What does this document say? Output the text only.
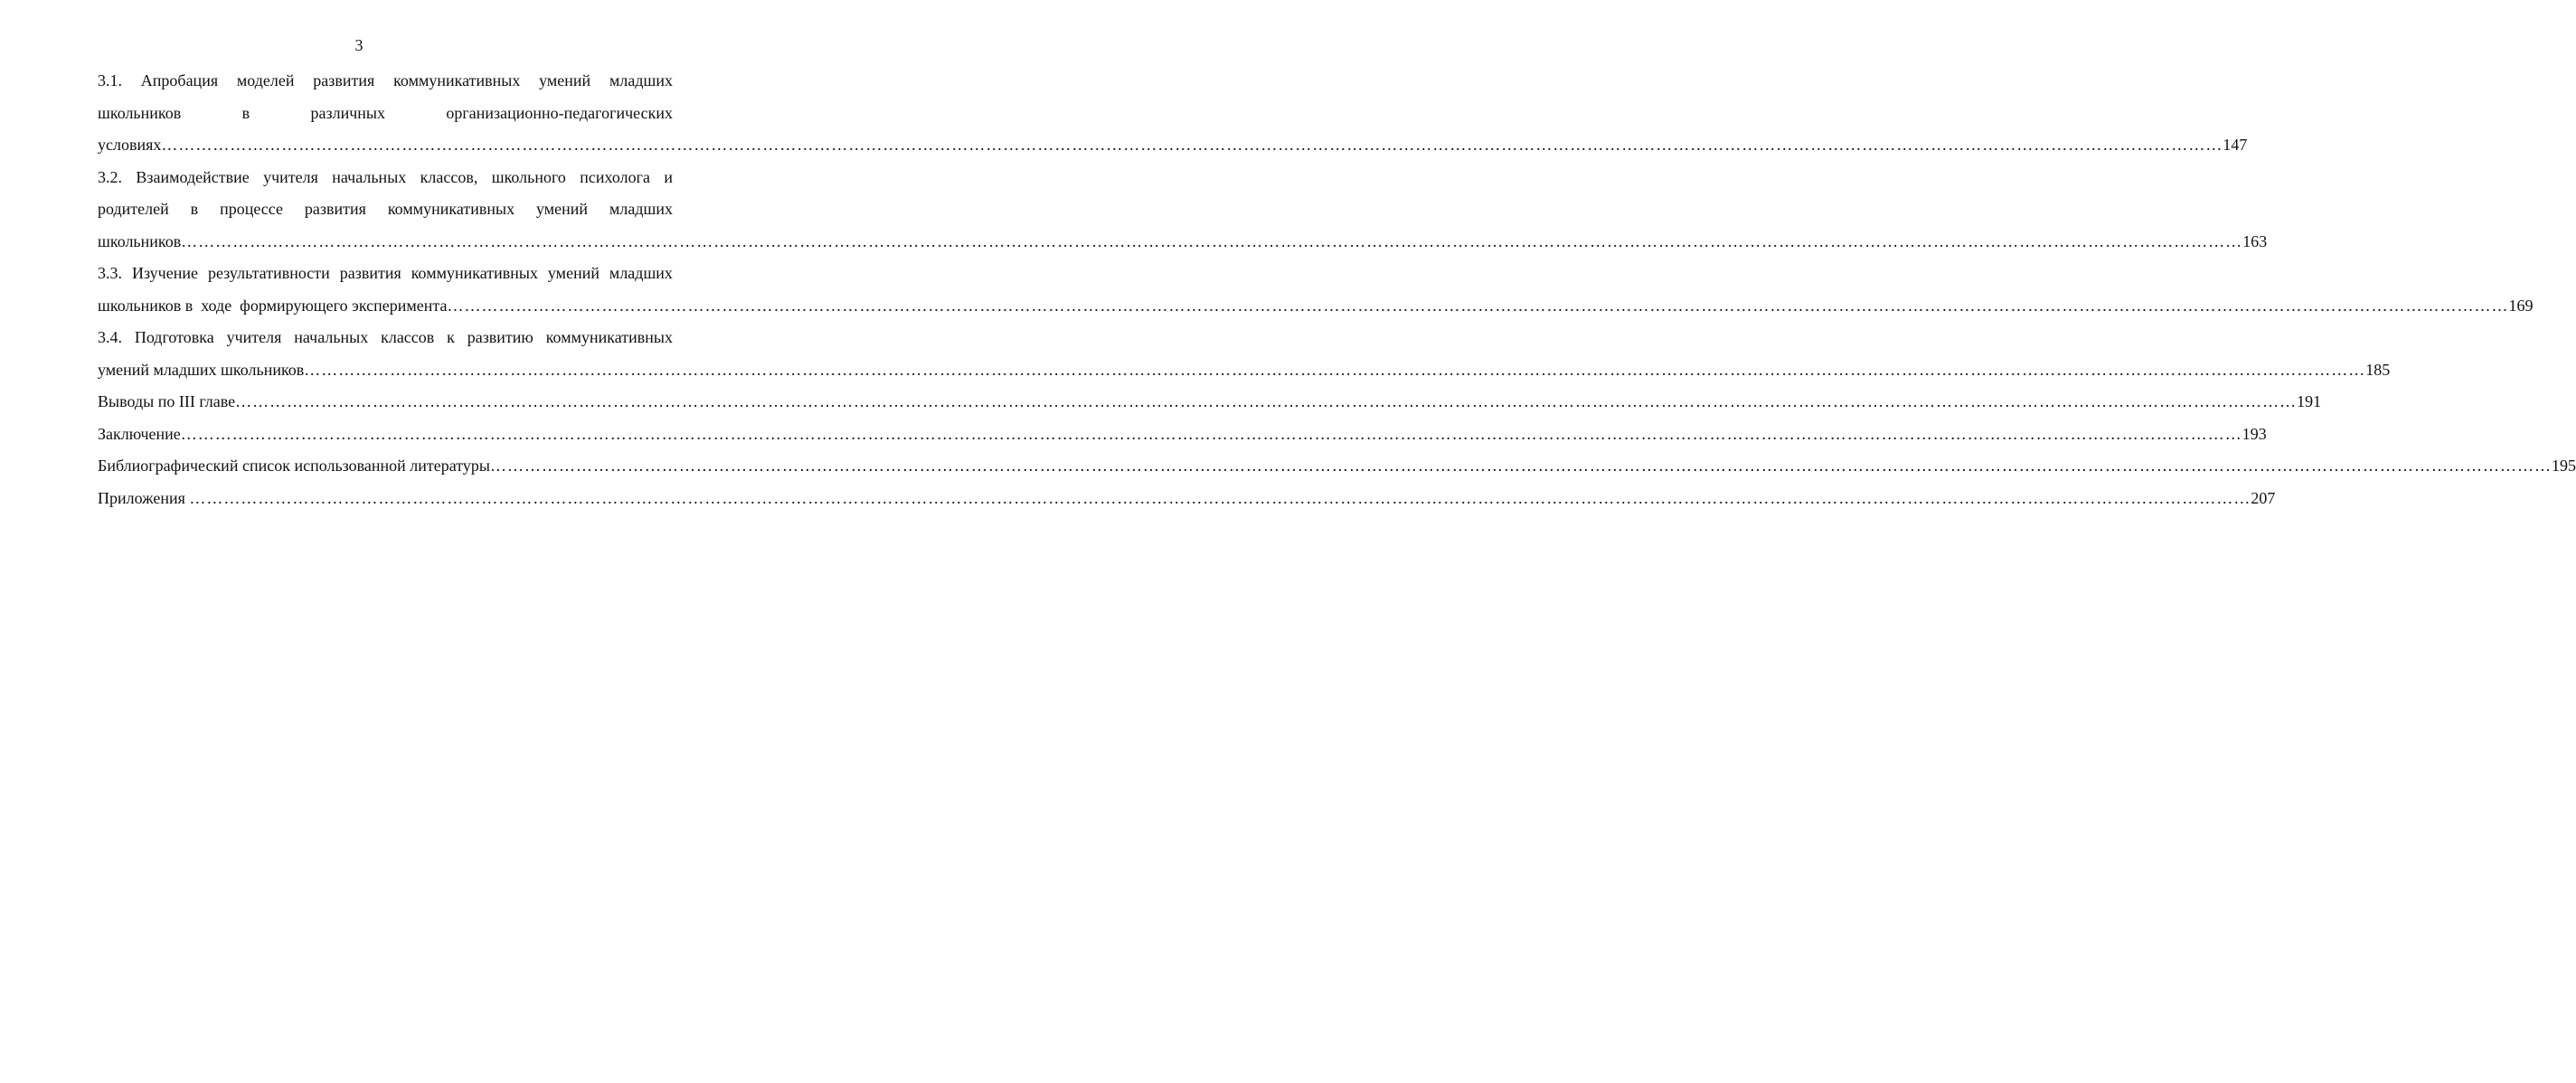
3
3.1. Апробация моделей развития коммуникативных умений младших
школьников	в	различных	организационно-педагогических
условиях ……………………………………………………………………………………………………………………………………………………………………………………………………………………………………………………………………………………………………………………………… 147
3.2. Взаимодействие учителя начальных классов, школьного психолога и
родителей в процессе развития коммуникативных умений младших
школьников ……………………………………………………………………………………………………………………………………………………………………………………………………………………………………………………………………………………………………………………………… 163
3.3. Изучение результативности развития коммуникативных умений младших
школьников в  ходе  формирующего эксперимента ……………………………………………………………………………………………………………………………………………………………………………………………………………………………………………………………………………………………………………………………… 169
3.4. Подготовка учителя начальных классов к развитию коммуникативных
умений младших школьников ……………………………………………………………………………………………………………………………………………………………………………………………………………………………………………………………………………………………………………………………… 185
Выводы по III главе ……………………………………………………………………………………………………………………………………………………………………………………………………………………………………………………………………………………………………………………………… 191
Заключение ……………………………………………………………………………………………………………………………………………………………………………………………………………………………………………………………………………………………………………………………… 193
Библиографический список использованной литературы ……………………………………………………………………………………………………………………………………………………………………………………………………………………………………………………………………………………………………………………………… 195
Приложения ……………………………………………………………………………………………………………………………………………………………………………………………………………………………………………………………………………………………………………………………… 207
